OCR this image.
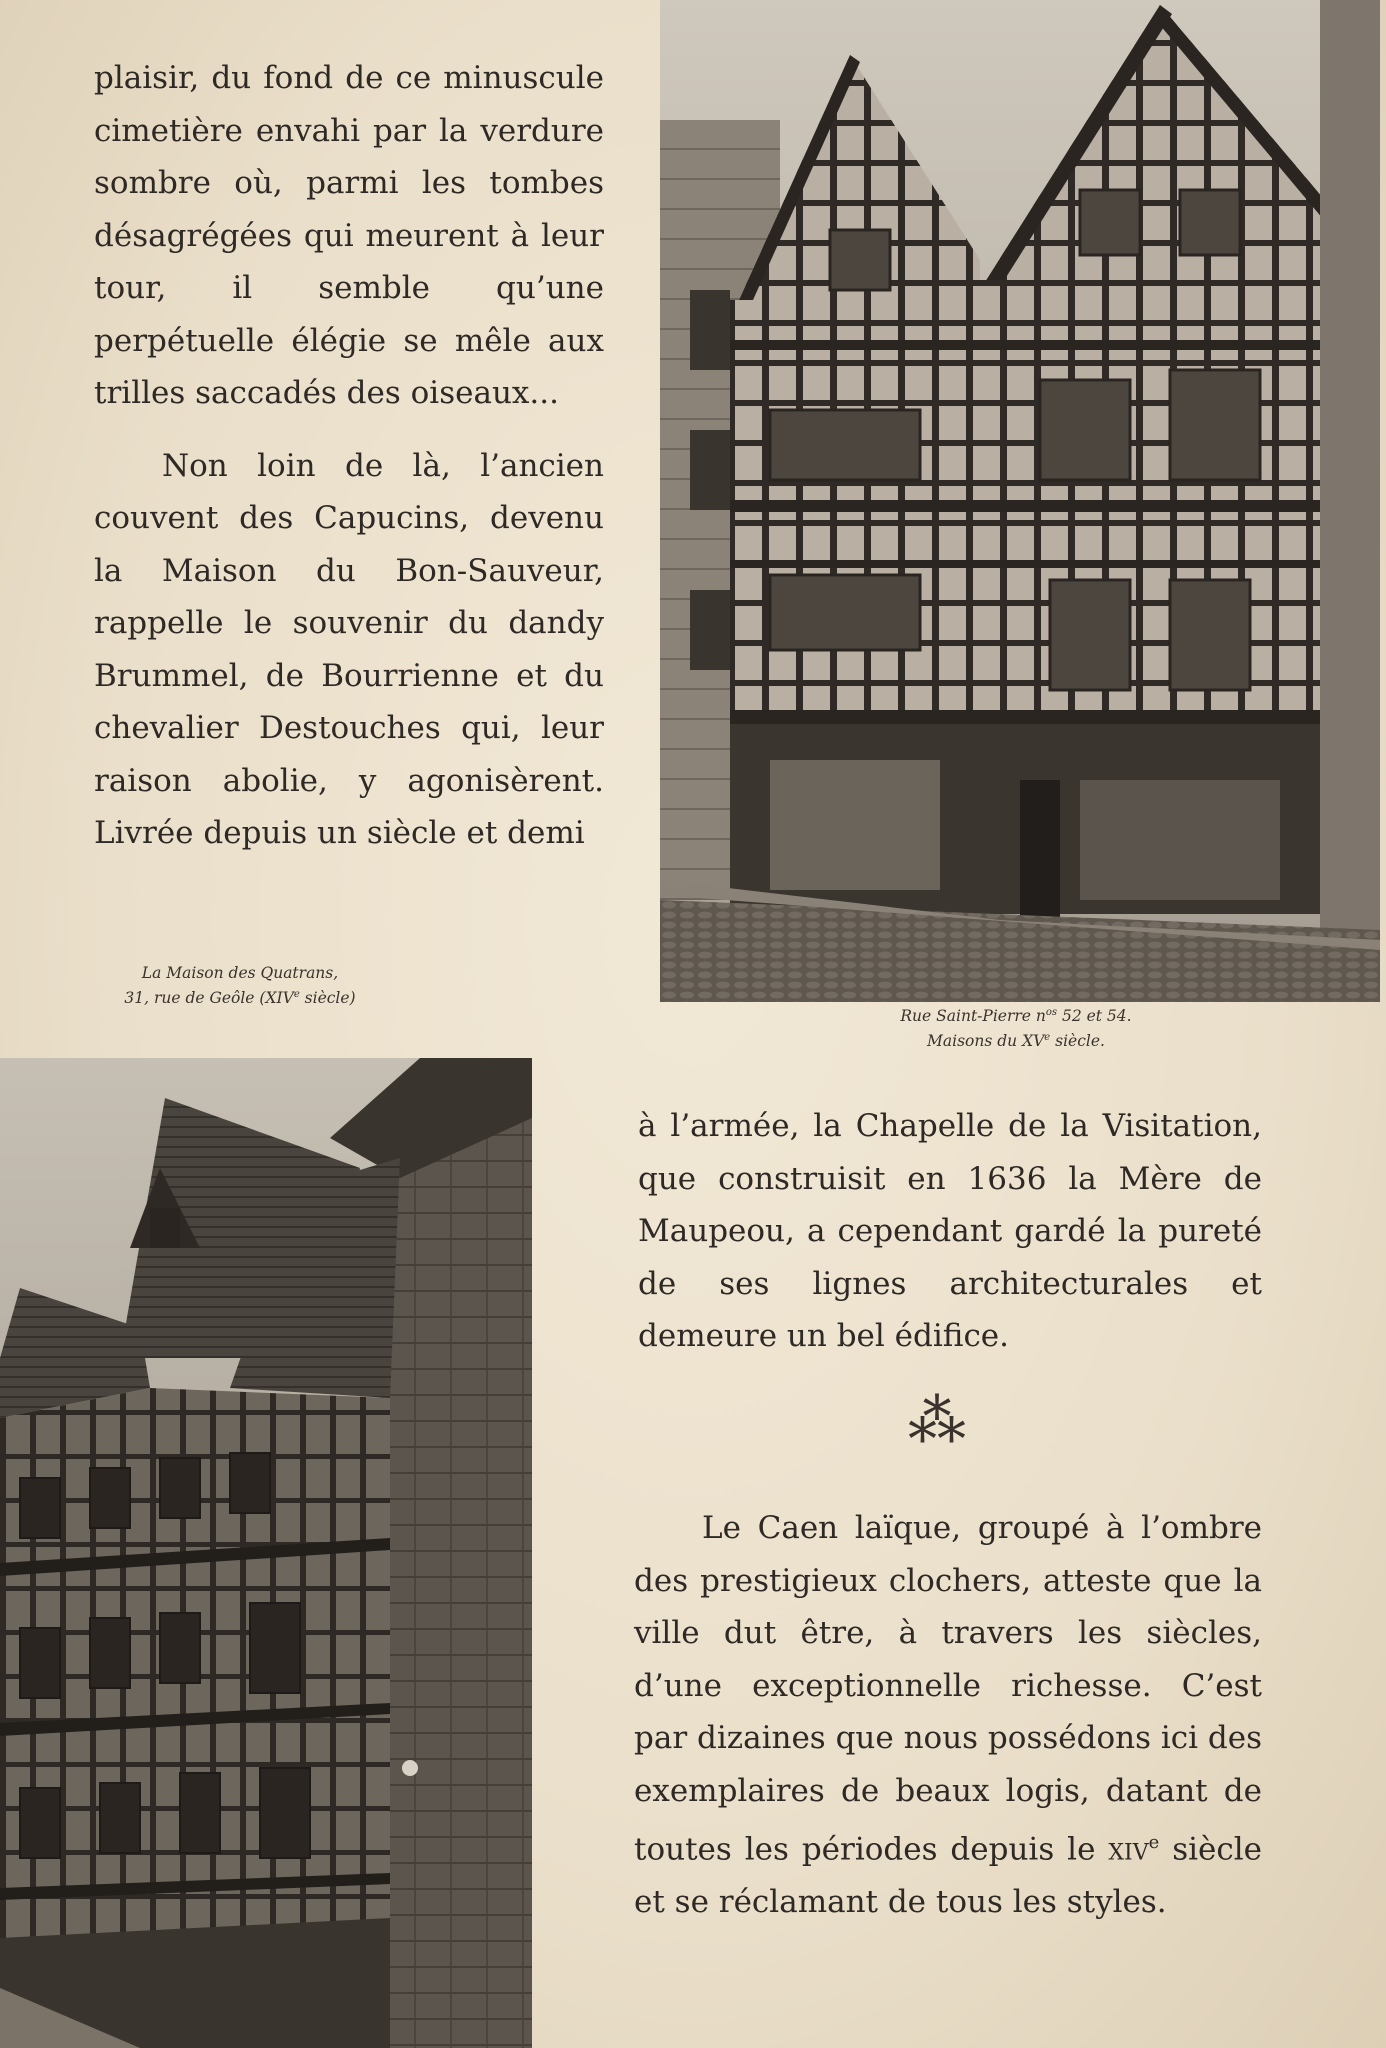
plaisir, du fond de ce minuscule cimetière envahi par la verdure sombre où, parmi les tombes désagrégées qui meurent à leur tour, il semble qu’une perpétuelle élégie se mêle aux trilles saccadés des oiseaux...

Non loin de là, l’ancien couvent des Capucins, devenu la Maison du Bon-Sauveur, rappelle le souvenir du dandy Brummel, de Bourrienne et du chevalier Destouches qui, leur raison abolie, y agonisèrent. Livrée depuis un siècle et demi

La Maison des Quatrans,
31, rue de Geôle (XIVe siècle)
Rue Saint-Pierre $n^{os}$ 52 et 54.
Maisons du XVe siècle.

à l’armée, la Chapelle de la Visitation, que construisit en 1636 la Mère de Maupeou, a cependant gardé la pureté de ses lignes architecturales et demeure un bel édifice.

⁂

Le Caen laïque, groupé à l’ombre des prestigieux clochers, atteste que la ville dut être, à travers les siècles, d’une exceptionnelle richesse. C’est par dizaines que nous possédons ici des exemplaires de beaux logis, datant de toutes les périodes depuis le xiv$^e$ siècle et se réclamant de tous les styles.
